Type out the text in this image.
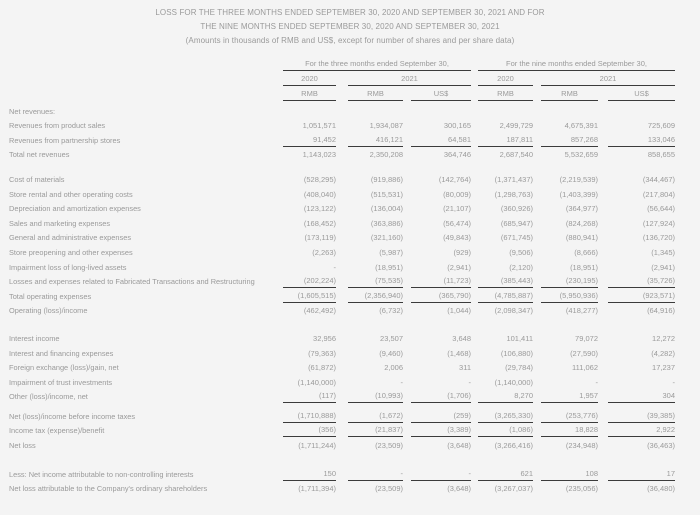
LOSS FOR THE THREE MONTHS ENDED SEPTEMBER 30, 2020 AND SEPTEMBER 30, 2021 AND FOR
THE NINE MONTHS ENDED SEPTEMBER 30, 2020 AND SEPTEMBER 30, 2021
(Amounts in thousands of RMB and US$, except for number of shares and per share data)
For the three months ended September 30,	For the nine months ended September 30,
2020	2021	2020	2021
RMB	RMB	US$	RMB	RMB	US$
Net revenues:
Revenues from product sales	1,051,571	1,934,087	300,165	2,499,729	4,675,391	725,609
Revenues from partnership stores	91,452	416,121	64,581	187,811	857,268	133,046
Total net revenues	1,143,023	2,350,208	364,746	2,687,540	5,532,659	858,655
Cost of materials	(528,295)	(919,886)	(142,764)	(1,371,437)	(2,219,539)	(344,467)
Store rental and other operating costs	(408,040)	(515,531)	(80,009)	(1,298,763)	(1,403,399)	(217,804)
Depreciation and amortization expenses	(123,122)	(136,004)	(21,107)	(360,926)	(364,977)	(56,644)
Sales and marketing expenses	(168,452)	(363,886)	(56,474)	(685,947)	(824,268)	(127,924)
General and administrative expenses	(173,119)	(321,160)	(49,843)	(671,745)	(880,941)	(136,720)
Store preopening and other expenses	(2,263)	(5,987)	(929)	(9,506)	(8,666)	(1,345)
Impairment loss of long-lived assets	-	(18,951)	(2,941)	(2,120)	(18,951)	(2,941)
Losses and expenses related to Fabricated Transactions and Restructuring	(202,224)	(75,535)	(11,723)	(385,443)	(230,195)	(35,726)
Total operating expenses	(1,605,515)	(2,356,940)	(365,790)	(4,785,887)	(5,950,936)	(923,571)
Operating (loss)/income	(462,492)	(6,732)	(1,044)	(2,098,347)	(418,277)	(64,916)
Interest income	32,956	23,507	3,648	101,411	79,072	12,272
Interest and financing expenses	(79,363)	(9,460)	(1,468)	(106,880)	(27,590)	(4,282)
Foreign exchange (loss)/gain, net	(61,872)	2,006	311	(29,784)	111,062	17,237
Impairment of trust investments	(1,140,000)	-	-	(1,140,000)	-	-
Other (loss)/income, net	(117)	(10,993)	(1,706)	8,270	1,957	304
Net (loss)/income before income taxes	(1,710,888)	(1,672)	(259)	(3,265,330)	(253,776)	(39,385)
Income tax (expense)/benefit	(356)	(21,837)	(3,389)	(1,086)	18,828	2,922
Net loss	(1,711,244)	(23,509)	(3,648)	(3,266,416)	(234,948)	(36,463)
Less: Net income attributable to non-controlling interests	150	-	-	621	108	17
Net loss attributable to the Company's ordinary shareholders	(1,711,394)	(23,509)	(3,648)	(3,267,037)	(235,056)	(36,480)
